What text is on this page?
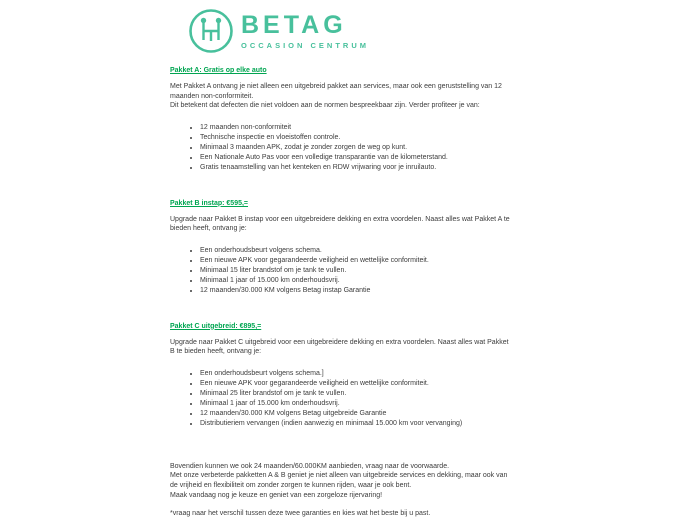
BETAG
OCCASION CENTRUM
Pakket A: Gratis op elke auto

Met Pakket A ontvang je niet alleen een uitgebreid pakket aan services, maar ook een geruststelling van 12 maanden non-conformiteit.

Dit betekent dat defecten die niet voldoen aan de normen bespreekbaar zijn. Verder profiteer je van:

• 12 maanden non-conformiteit
• Technische inspectie en vloeistoffen controle.
• Minimaal 3 maanden APK, zodat je zonder zorgen de weg op kunt.
• Een Nationale Auto Pas voor een volledige transparantie van de kilometerstand.
• Gratis tenaamstelling van het kenteken en RDW vrijwaring voor je inruilauto.
Pakket B instap: €595,=

Upgrade naar Pakket B instap voor een uitgebreidere dekking en extra voordelen. Naast alles wat Pakket A te bieden heeft, ontvang je:

• Een onderhoudsbeurt volgens schema.
• Een nieuwe APK voor gegarandeerde veiligheid en wettelijke conformiteit.
• Minimaal 15 liter brandstof om je tank te vullen.
• Minimaal 1 jaar of 15.000 km onderhoudsvrij.
• 12 maanden/30.000 KM volgens Betag instap Garantie
Pakket C uitgebreid: €895,=

Upgrade naar Pakket C uitgebreid voor een uitgebreidere dekking en extra voordelen. Naast alles wat Pakket B te bieden heeft, ontvang je:

• Een onderhoudsbeurt volgens schema.]
• Een nieuwe APK voor gegarandeerde veiligheid en wettelijke conformiteit.
• Minimaal 25 liter brandstof om je tank te vullen.
• Minimaal 1 jaar of 15.000 km onderhoudsvrij.
• 12 maanden/30.000 KM volgens Betag uitgebreide Garantie
• Distributieriem vervangen (indien aanwezig en minimaal 15.000 km voor vervanging)

Bovendien kunnen we ook 24 maanden/60.000KM aanbieden, vraag naar de voorwaarde.

Met onze verbeterde pakketten A & B geniet je niet alleen van uitgebreide services en dekking, maar ook van de vrijheid en flexibiliteit om zonder zorgen te kunnen rijden, waar je ook bent.

Maak vandaag nog je keuze en geniet van een zorgeloze rijervaring!

*vraag naar het verschil tussen deze twee garanties en kies wat het beste bij u past.
